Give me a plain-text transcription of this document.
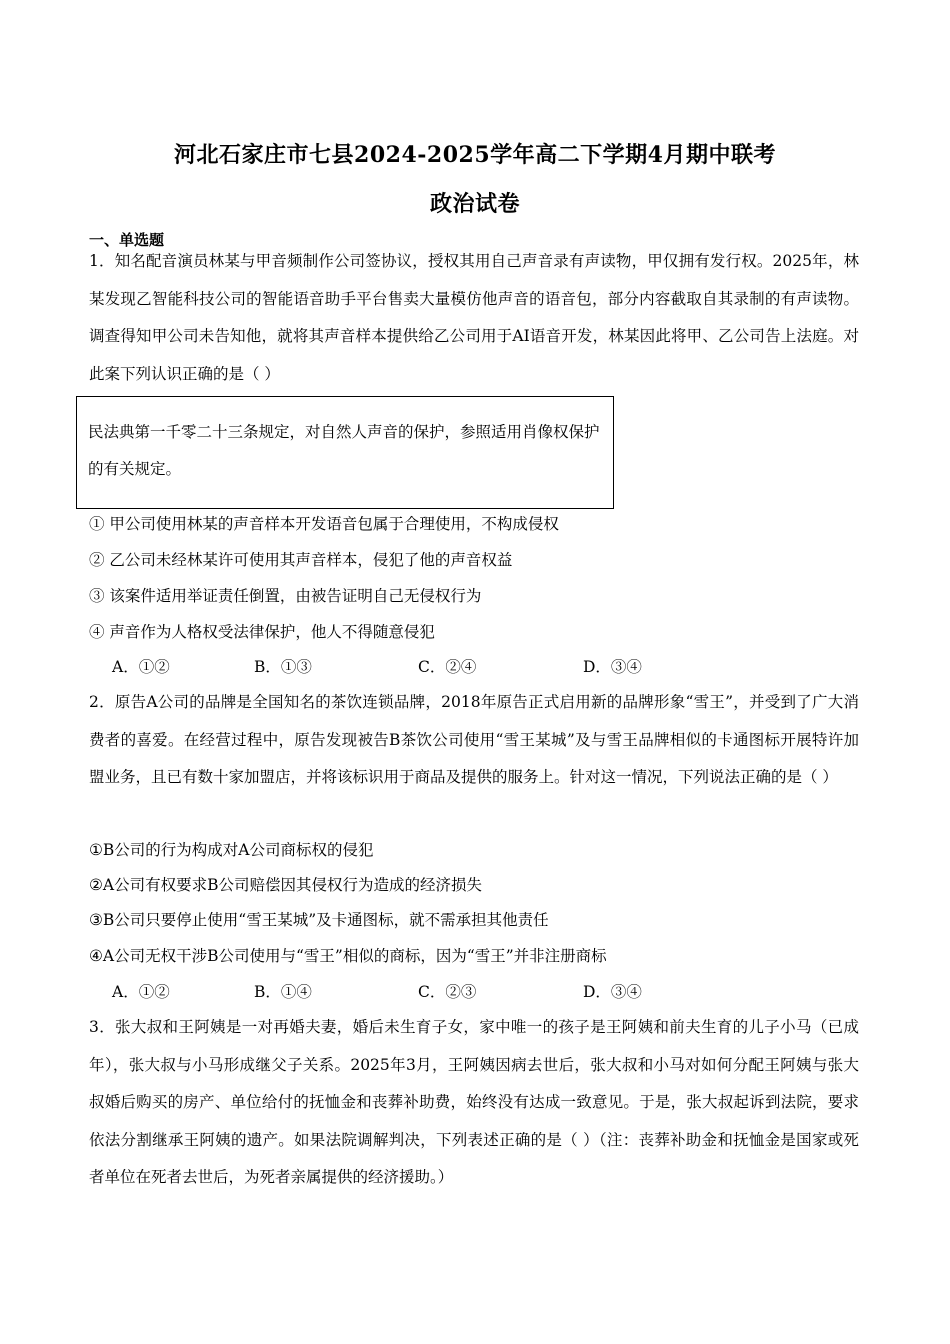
河北石家庄市七县2024-2025学年高二下学期4月期中联考
政治试卷
一、单选题
1．知名配音演员林某与甲音频制作公司签协议，授权其用自己声音录有声读物，甲仅拥有发行权。2025年，林某发现乙智能科技公司的智能语音助手平台售卖大量模仿他声音的语音包，部分内容截取自其录制的有声读物。调查得知甲公司未告知他，就将其声音样本提供给乙公司用于AI语音开发，林某因此将甲、乙公司告上法庭。对此案下列认识正确的是（ ）
民法典第一千零二十三条规定，对自然人声音的保护，参照适用肖像权保护的有关规定。
① 甲公司使用林某的声音样本开发语音包属于合理使用，不构成侵权
② 乙公司未经林某许可使用其声音样本，侵犯了他的声音权益
③ 该案件适用举证责任倒置，由被告证明自己无侵权行为
④ 声音作为人格权受法律保护，他人不得随意侵犯
A．①②	B．①③	C．②④	D．③④
2．原告A公司的品牌是全国知名的茶饮连锁品牌，2018年原告正式启用新的品牌形象“雪王”，并受到了广大消费者的喜爱。在经营过程中，原告发现被告B茶饮公司使用“雪王某城”及与雪王品牌相似的卡通图标开展特许加盟业务，且已有数十家加盟店，并将该标识用于商品及提供的服务上。针对这一情况，下列说法正确的是（ ）
①B公司的行为构成对A公司商标权的侵犯
②A公司有权要求B公司赔偿因其侵权行为造成的经济损失
③B公司只要停止使用“雪王某城”及卡通图标，就不需承担其他责任
④A公司无权干涉B公司使用与“雪王”相似的商标，因为“雪王”并非注册商标
A．①②	B．①④	C．②③	D．③④
3．张大叔和王阿姨是一对再婚夫妻，婚后未生育子女，家中唯一的孩子是王阿姨和前夫生育的儿子小马（已成年），张大叔与小马形成继父子关系。2025年3月，王阿姨因病去世后，张大叔和小马对如何分配王阿姨与张大叔婚后购买的房产、单位给付的抚恤金和丧葬补助费，始终没有达成一致意见。于是，张大叔起诉到法院，要求依法分割继承王阿姨的遗产。如果法院调解判决，下列表述正确的是（ ）（注：丧葬补助金和抚恤金是国家或死者单位在死者去世后，为死者亲属提供的经济援助。）
